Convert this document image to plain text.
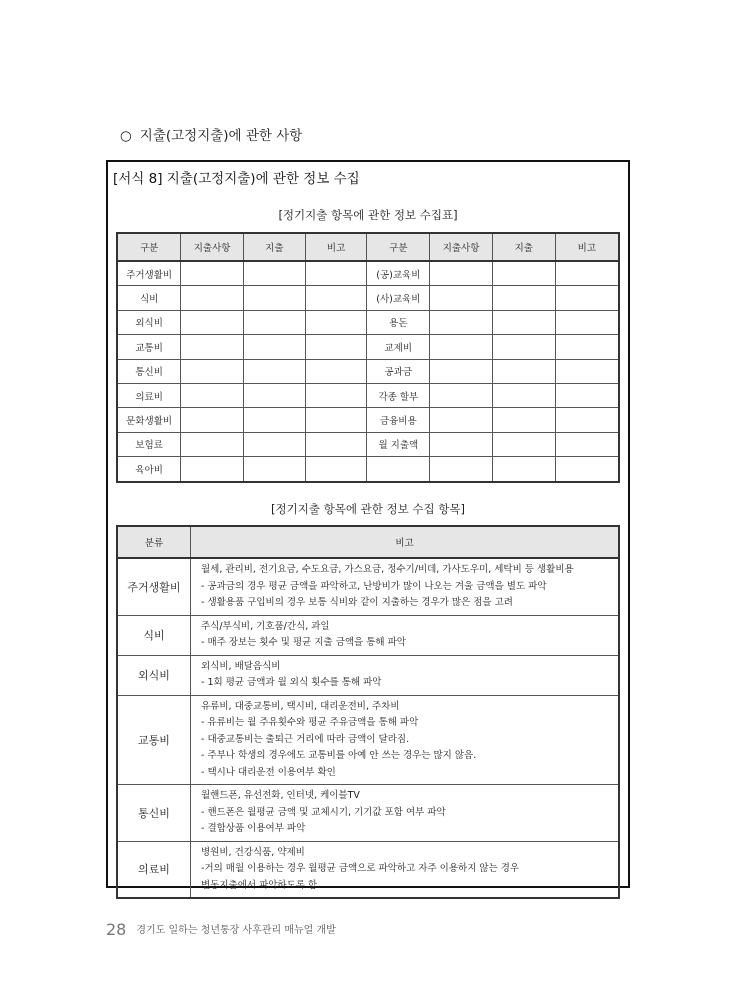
○ 지출(고정지출)에 관한 사항
[서식 8] 지출(고정지출)에 관한 정보 수집
[정기지출 항목에 관한 정보 수집표]
구분	지출사항	지출	비고	구분	지출사항	지출	비고
주거생활비				(공)교육비			
식비				(사)교육비			
외식비				용돈			
교통비				교제비			
통신비				공과금			
의료비				각종 할부			
문화생활비				금융비용			
보험료				월 지출액			
육아비							
[정기지출 항목에 관한 정보 수집 항목]
분류	비고
주거생활비	월세, 관리비, 전기요금, 수도요금, 가스요금, 정수기/비데, 가사도우미, 세탁비 등 생활비용
- 공과금의 경우 평균 금액을 파악하고, 난방비가 많이 나오는 겨울 금액을 별도 파악
- 생활용품 구입비의 경우 보통 식비와 같이 지출하는 경우가 많은 점을 고려

식비	주식/부식비, 기호품/간식, 과일
- 매주 장보는 횟수 및 평균 지출 금액을 통해 파악

외식비	외식비, 배달음식비
- 1회 평균 금액과 월 외식 횟수를 통해 파악

교통비	유류비, 대중교통비, 택시비, 대리운전비, 주차비
- 유류비는 월 주유횟수와 평균 주유금액을 통해 파악
- 대중교통비는 출퇴근 거리에 따라 금액이 달라짐.
- 주부나 학생의 경우에도 교통비를 아예 안 쓰는 경우는 많지 않음.
- 택시나 대리운전 이용여부 확인

통신비	월핸드폰, 유선전화, 인터넷, 케이블TV
- 핸드폰은 월평균 금액 및 교체시기, 기기값 포함 여부 파악
- 결합상품 이용여부 파악

의료비	병원비, 건강식품, 약제비
-거의 매월 이용하는 경우 월평균 금액으로 파악하고 자주 이용하지 않는 경우
변동지출에서 파악하도록 함.
28 경기도 일하는 청년통장 사후관리 매뉴얼 개발
